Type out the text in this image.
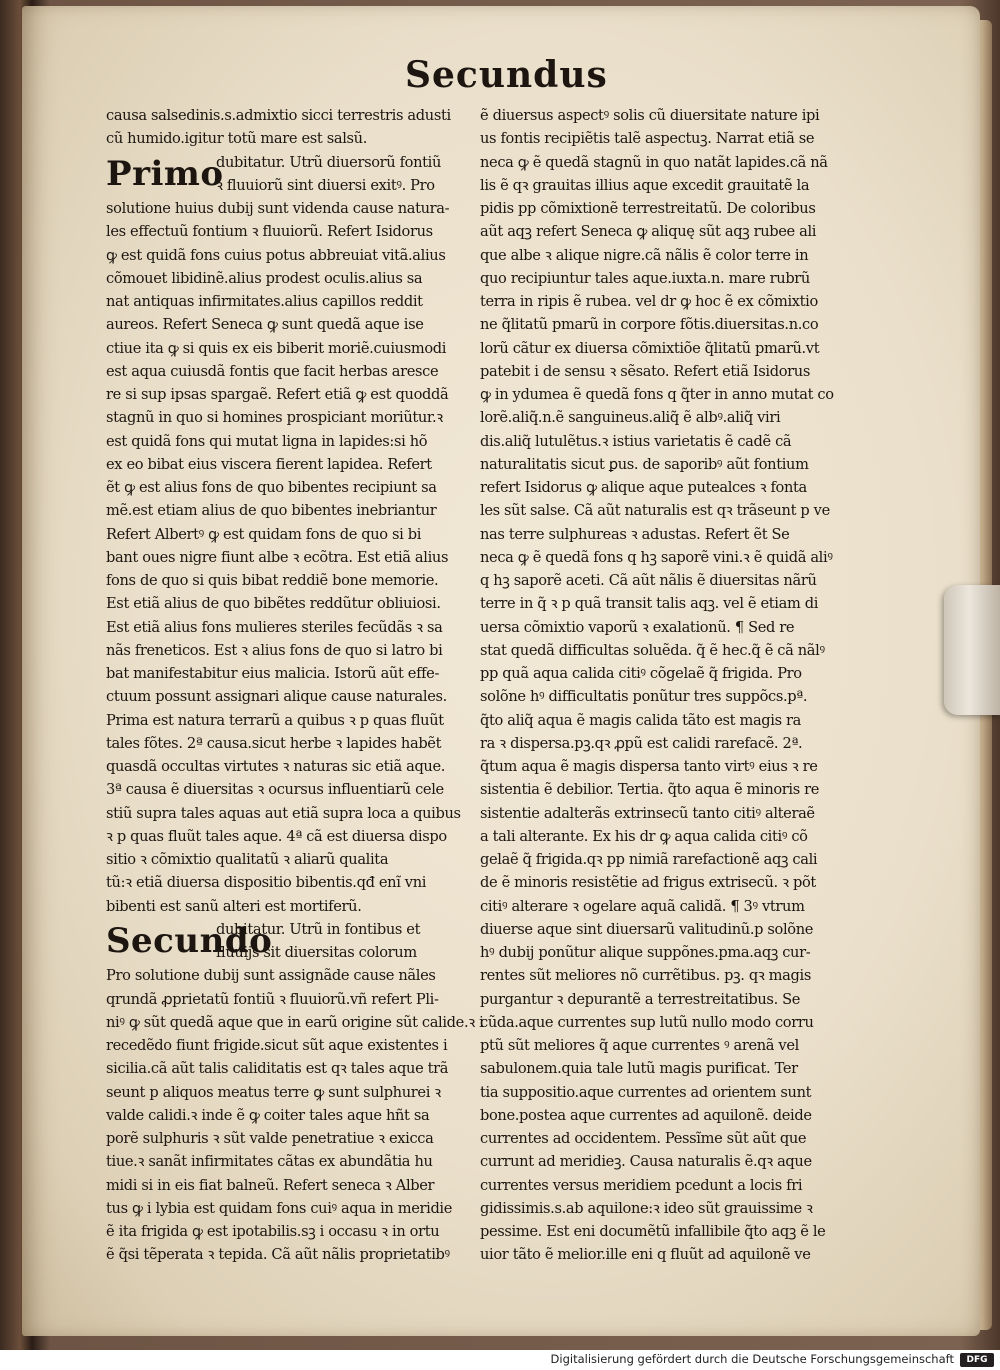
Secundus
causa salsedinis.s.admixtio sicci terrestris adusti
cũ humido.igitur totũ mare est salsũ.
Primo
dubitatur. Utrũ diuersorũ fontiũ
ꝛ fluuiorũ sint diuersi exitꝰ. Pro
solutione huius dubij sunt videnda cause natura-
les effectuũ fontium ꝛ fluuiorũ. Refert Isidorus
ꝙ est quidã fons cuius potus abbreuiat vitã.alius
cõmouet libidinẽ.alius prodest oculis.alius sa
nat antiquas infirmitates.alius capillos reddit
aureos. Refert Seneca ꝙ sunt quedã aque ise
ctiue ita ꝙ si quis ex eis biberit moriẽ.cuiusmodi
est aqua cuiusdã fontis que facit herbas aresce
re si sup ipsas spargaẽ. Refert etiã ꝙ est quoddã
stagnũ in quo si homines prospiciant moriũtur.ꝛ
est quidã fons qui mutat ligna in lapides:si hõ
ex eo bibat eius viscera fierent lapidea. Refert
ẽt ꝙ est alius fons de quo bibentes recipiunt sa
mẽ.est etiam alius de quo bibentes inebriantur
Refert Albertꝰ ꝙ est quidam fons de quo si bi
bant oues nigre fiunt albe ꝛ ecõtra. Est etiã alius
fons de quo si quis bibat reddiẽ bone memorie.
Est etiã alius de quo bibẽtes reddũtur obliuiosi.
Est etiã alius fons mulieres steriles fecũdãs ꝛ sa
nãs freneticos. Est ꝛ alius fons de quo si latro bi
bat manifestabitur eius malicia. Istorũ aũt effe-
ctuum possunt assignari alique cause naturales.
Prima est natura terrarũ a quibus ꝛ p quas fluũt
tales fõtes. 2ª causa.sicut herbe ꝛ lapides habẽt
quasdã occultas virtutes ꝛ naturas sic etiã aque.
3ª causa ẽ diuersitas ꝛ ocursus influentiarũ cele
stiũ supra tales aquas aut etiã supra loca a quibus
ꝛ p quas fluũt tales aque. 4ª cã est diuersa dispo
sitio ꝛ cõmixtio qualitatũ ꝛ aliarũ qualita
tũ:ꝛ etiã diuersa dispositio bibentis.qđ enĩ vni
bibenti est sanũ alteri est mortiferũ.
Secundo
dubitatur. Utrũ in fontibus et
fluuijs sit diuersitas colorum
Pro solutione dubij sunt assignãde cause nãles
qrundã ꝓprietatũ fontiũ ꝛ fluuiorũ.vñ refert Pli-
niꝰ ꝙ sũt quedã aque que in earũ origine sũt calide.ꝛ i
recedẽdo fiunt frigide.sicut sũt aque existentes i
sicilia.cã aũt talis caliditatis est qꝛ tales aque trã
seunt p aliquos meatus terre ꝙ sunt sulphurei ꝛ
valde calidi.ꝛ inde ẽ ꝙ coiter tales aque hñt sa
porẽ sulphuris ꝛ sũt valde penetratiue ꝛ exicca
tiue.ꝛ sanãt infirmitates cãtas ex abundãtia hu
midi si in eis fiat balneũ. Refert seneca ꝛ Alber
tus ꝙ i lybia est quidam fons cuiꝰ aqua in meridie
ẽ ita frigida ꝙ est ipotabilis.sꝫ i occasu ꝛ in ortu
ẽ q̃si tẽperata ꝛ tepida. Cã aũt nãlis proprietatibꝰ
ẽ diuersus aspectꝰ solis cũ diuersitate nature ipi
us fontis recipiẽtis talẽ aspectuꝫ. Narrat etiã se
neca ꝙ ẽ quedã stagnũ in quo natãt lapides.cã nã
lis ẽ qꝛ grauitas illius aque excedit grauitatẽ la
pidis pp cõmixtionẽ terrestreitatũ. De coloribus
aũt aqꝫ refert Seneca ꝙ aliquę sũt aqꝫ rubee ali
que albe ꝛ alique nigre.cã nãlis ẽ color terre in
quo recipiuntur tales aque.iuxta.n. mare rubrũ
terra in ripis ẽ rubea. vel dr ꝙ hoc ẽ ex cõmixtio
ne q̃litatũ pmarũ in corpore fõtis.diuersitas.n.co
lorũ cãtur ex diuersa cõmixtiõe q̃litatũ pmarũ.vt
patebit i de sensu ꝛ sẽsato. Refert etiã Isidorus
ꝙ in ydumea ẽ quedã fons q q̃ter in anno mutat co
lorẽ.aliq̃.n.ẽ sanguineus.aliq̃ ẽ albꝰ.aliq̃ viri
dis.aliq̃ lutulẽtus.ꝛ istius varietatis ẽ cadẽ cã
naturalitatis sicut ꝑus. de saporibꝰ aũt fontium
refert Isidorus ꝙ alique aque putealces ꝛ fonta
les sũt salse. Cã aũt naturalis est qꝛ trãseunt p ve
nas terre sulphureas ꝛ adustas. Refert ẽt Se
neca ꝙ ẽ quedã fons q hꝫ saporẽ vini.ꝛ ẽ quidã aliꝰ
q hꝫ saporẽ aceti. Cã aũt nãlis ẽ diuersitas nãrũ
terre in q̃ ꝛ p quã transit talis aqꝫ. vel ẽ etiam di
uersa cõmixtio vaporũ ꝛ exalationũ. ¶ Sed re
stat quedã difficultas soluẽda. q̃ ẽ hec.q̃ ẽ cã nãlꝰ
pp quã aqua calida citiꝰ cõgelaẽ q̃ frigida. Pro
solõne hꝰ difficultatis ponũtur tres suppõcs.pª.
q̃to aliq̃ aqua ẽ magis calida tãto est magis ra
ra ꝛ dispersa.pꝫ.qꝛ ꝓpũ est calidi rarefacẽ. 2ª.
q̃tum aqua ẽ magis dispersa tanto virtꝰ eius ꝛ re
sistentia ẽ debilior. Tertia. q̃to aqua ẽ minoris re
sistentie adalterãs extrinsecũ tanto citiꝰ alteraẽ
a tali alterante. Ex his dr ꝙ aqua calida citiꝰ cõ
gelaẽ q̃ frigida.qꝛ pp nimiã rarefactionẽ aqꝫ cali
de ẽ minoris resistẽtie ad frigus extrisecũ. ꝛ põt
citiꝰ alterare ꝛ ogelare aquã calidã. ¶ 3ꝰ vtrum
diuerse aque sint diuersarũ valitudinũ.p solõne
hꝰ dubij ponũtur alique suppõnes.pma.aqꝫ cur-
rentes sũt meliores nõ currẽtibus. pꝫ. qꝛ magis
purgantur ꝛ depurantẽ a terrestreitatibus. Se
cũda.aque currentes sup lutũ nullo modo corru
ptũ sũt meliores q̃ aque currentes ꝰ arenã vel
sabulonem.quia tale lutũ magis purificat. Ter
tia suppositio.aque currentes ad orientem sunt
bone.postea aque currentes ad aquilonẽ. deide
currentes ad occidentem. Pessĩme sũt aũt que
currunt ad meridieꝫ. Causa naturalis ẽ.qꝛ aque
currentes versus meridiem pcedunt a locis fri
gidissimis.s.ab aquilone:ꝛ ideo sũt grauissime ꝛ
pessime. Est eni documẽtũ infallibile q̃to aqꝫ ẽ le
uior tãto ẽ melior.ille eni q fluũt ad aquilonẽ ve
Digitalisierung gefördert durch die Deutsche Forschungsgemeinschaft	DFG
